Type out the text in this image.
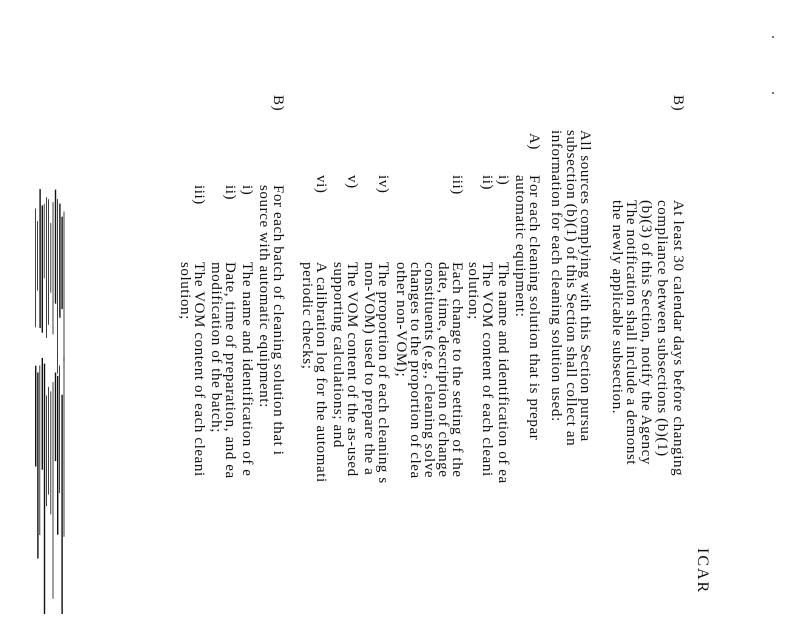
ICAR
B)
At least 30 calendar days before changing
compliance between subsections (b)(1)
(b)(3) of this Section, notify the Agency
The notification shall include a demonst
the newly applicable subsection.
All sources complying with this Section pursua
subsection (b)(1) of this Section shall collect an
information for each cleaning solution used:
A)
For each cleaning solution that is prepar
automatic equipment:
i)
The name and identification of ea
ii)
The VOM content of each cleani
solution;
iii)
Each change to the setting of the
date, time, description of change
constituents (e.g., cleaning solve
changes to the proportion of clea
other non-VOM);
iv)
The proportion of each cleaning s
non-VOM) used to prepare the a
v)
The VOM content of the as-used
supporting calculations; and
vi)
A calibration log for the automati
periodic checks;
B)
For each batch of cleaning solution that i
source with automatic equipment:
i)
The name and identification of e
ii)
Date, time of preparation, and ea
modification of the batch;
iii)
The VOM content of each cleani
solution;
